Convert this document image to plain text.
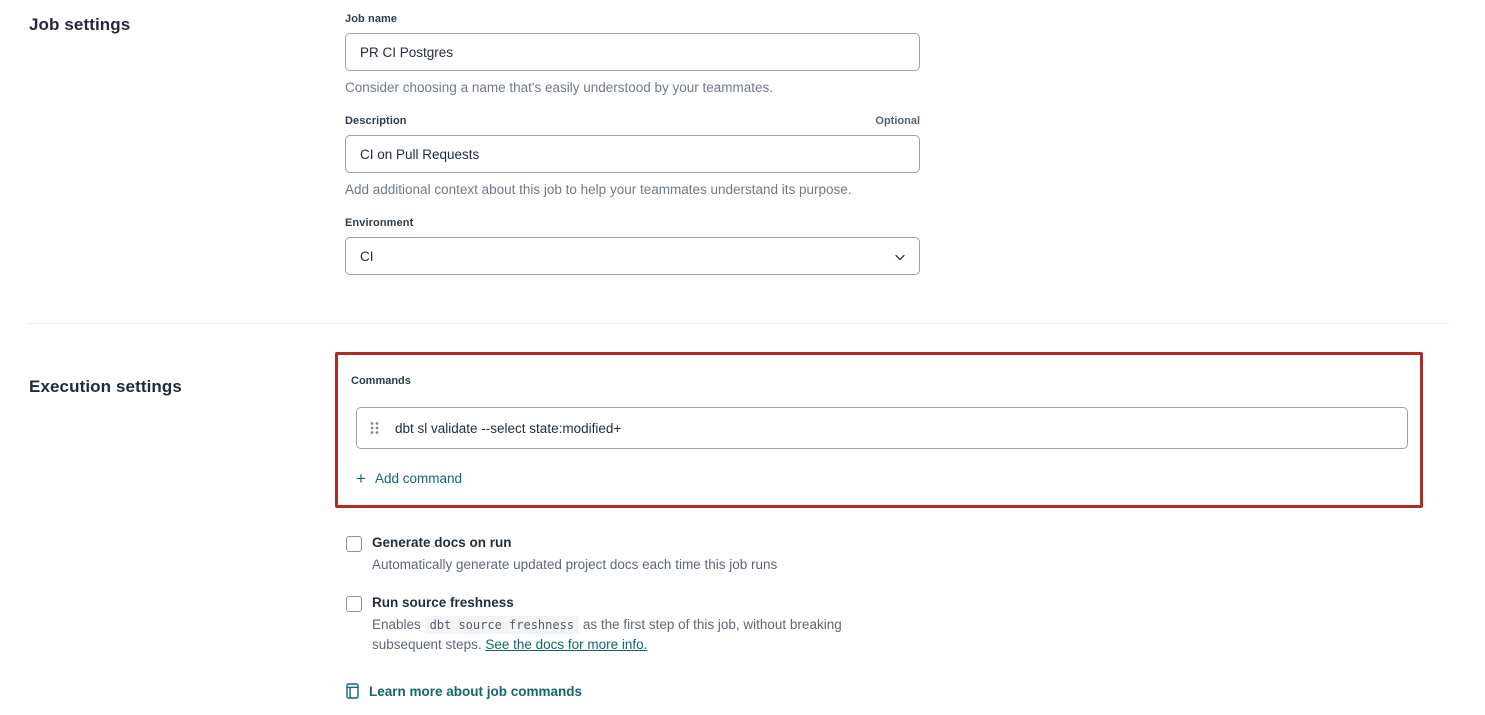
Job settings	Job name
PR CI Postgres
Consider choosing a name that's easily understood by your teammates.
Description	Optional
CI on Pull Requests
Add additional context about this job to help your teammates understand its purpose.
Environment
CI
Execution settings	Commands
dbt sl validate --select state:modified+
+ Add command
Generate docs on run
Automatically generate updated project docs each time this job runs
Run source freshness
Enables dbt source freshness as the first step of this job, without breaking subsequent steps. See the docs for more info.
Learn more about job commands
